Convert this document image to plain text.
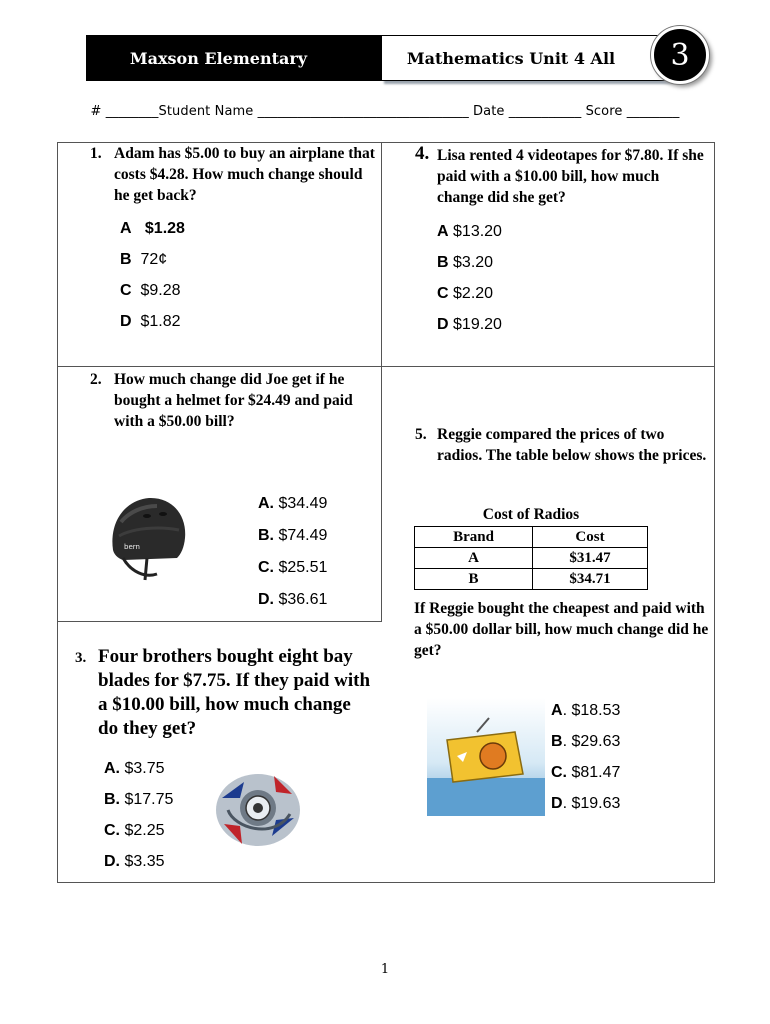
Maxson Elementary	Mathematics Unit 4 All	3
# ________Student Name ________________________________ Date ___________ Score ________
1. Adam has $5.00 to buy an airplane that costs $4.28. How much change should he get back?
A $1.28
B 72¢
C $9.28
D $1.82
4. Lisa rented 4 videotapes for $7.80. If she paid with a $10.00 bill, how much change did she get?
A $13.20
B $3.20
C $2.20
D $19.20
2. How much change did Joe get if he bought a helmet for $24.49 and paid with a $50.00 bill?
bern
A. $34.49
B. $74.49
C. $25.51
D. $36.61
3. Four brothers bought eight bay blades for $7.75. If they paid with a $10.00 bill, how much change do they get?
A. $3.75
B. $17.75
C. $2.25
D. $3.35
5. Reggie compared the prices of two radios. The table below shows the prices.
Cost of Radios
Brand	Cost
A	$31.47
B	$34.71
If Reggie bought the cheapest and paid with a $50.00 dollar bill, how much change did he get?
A. $18.53
B. $29.63
C. $81.47
D. $19.63
1
